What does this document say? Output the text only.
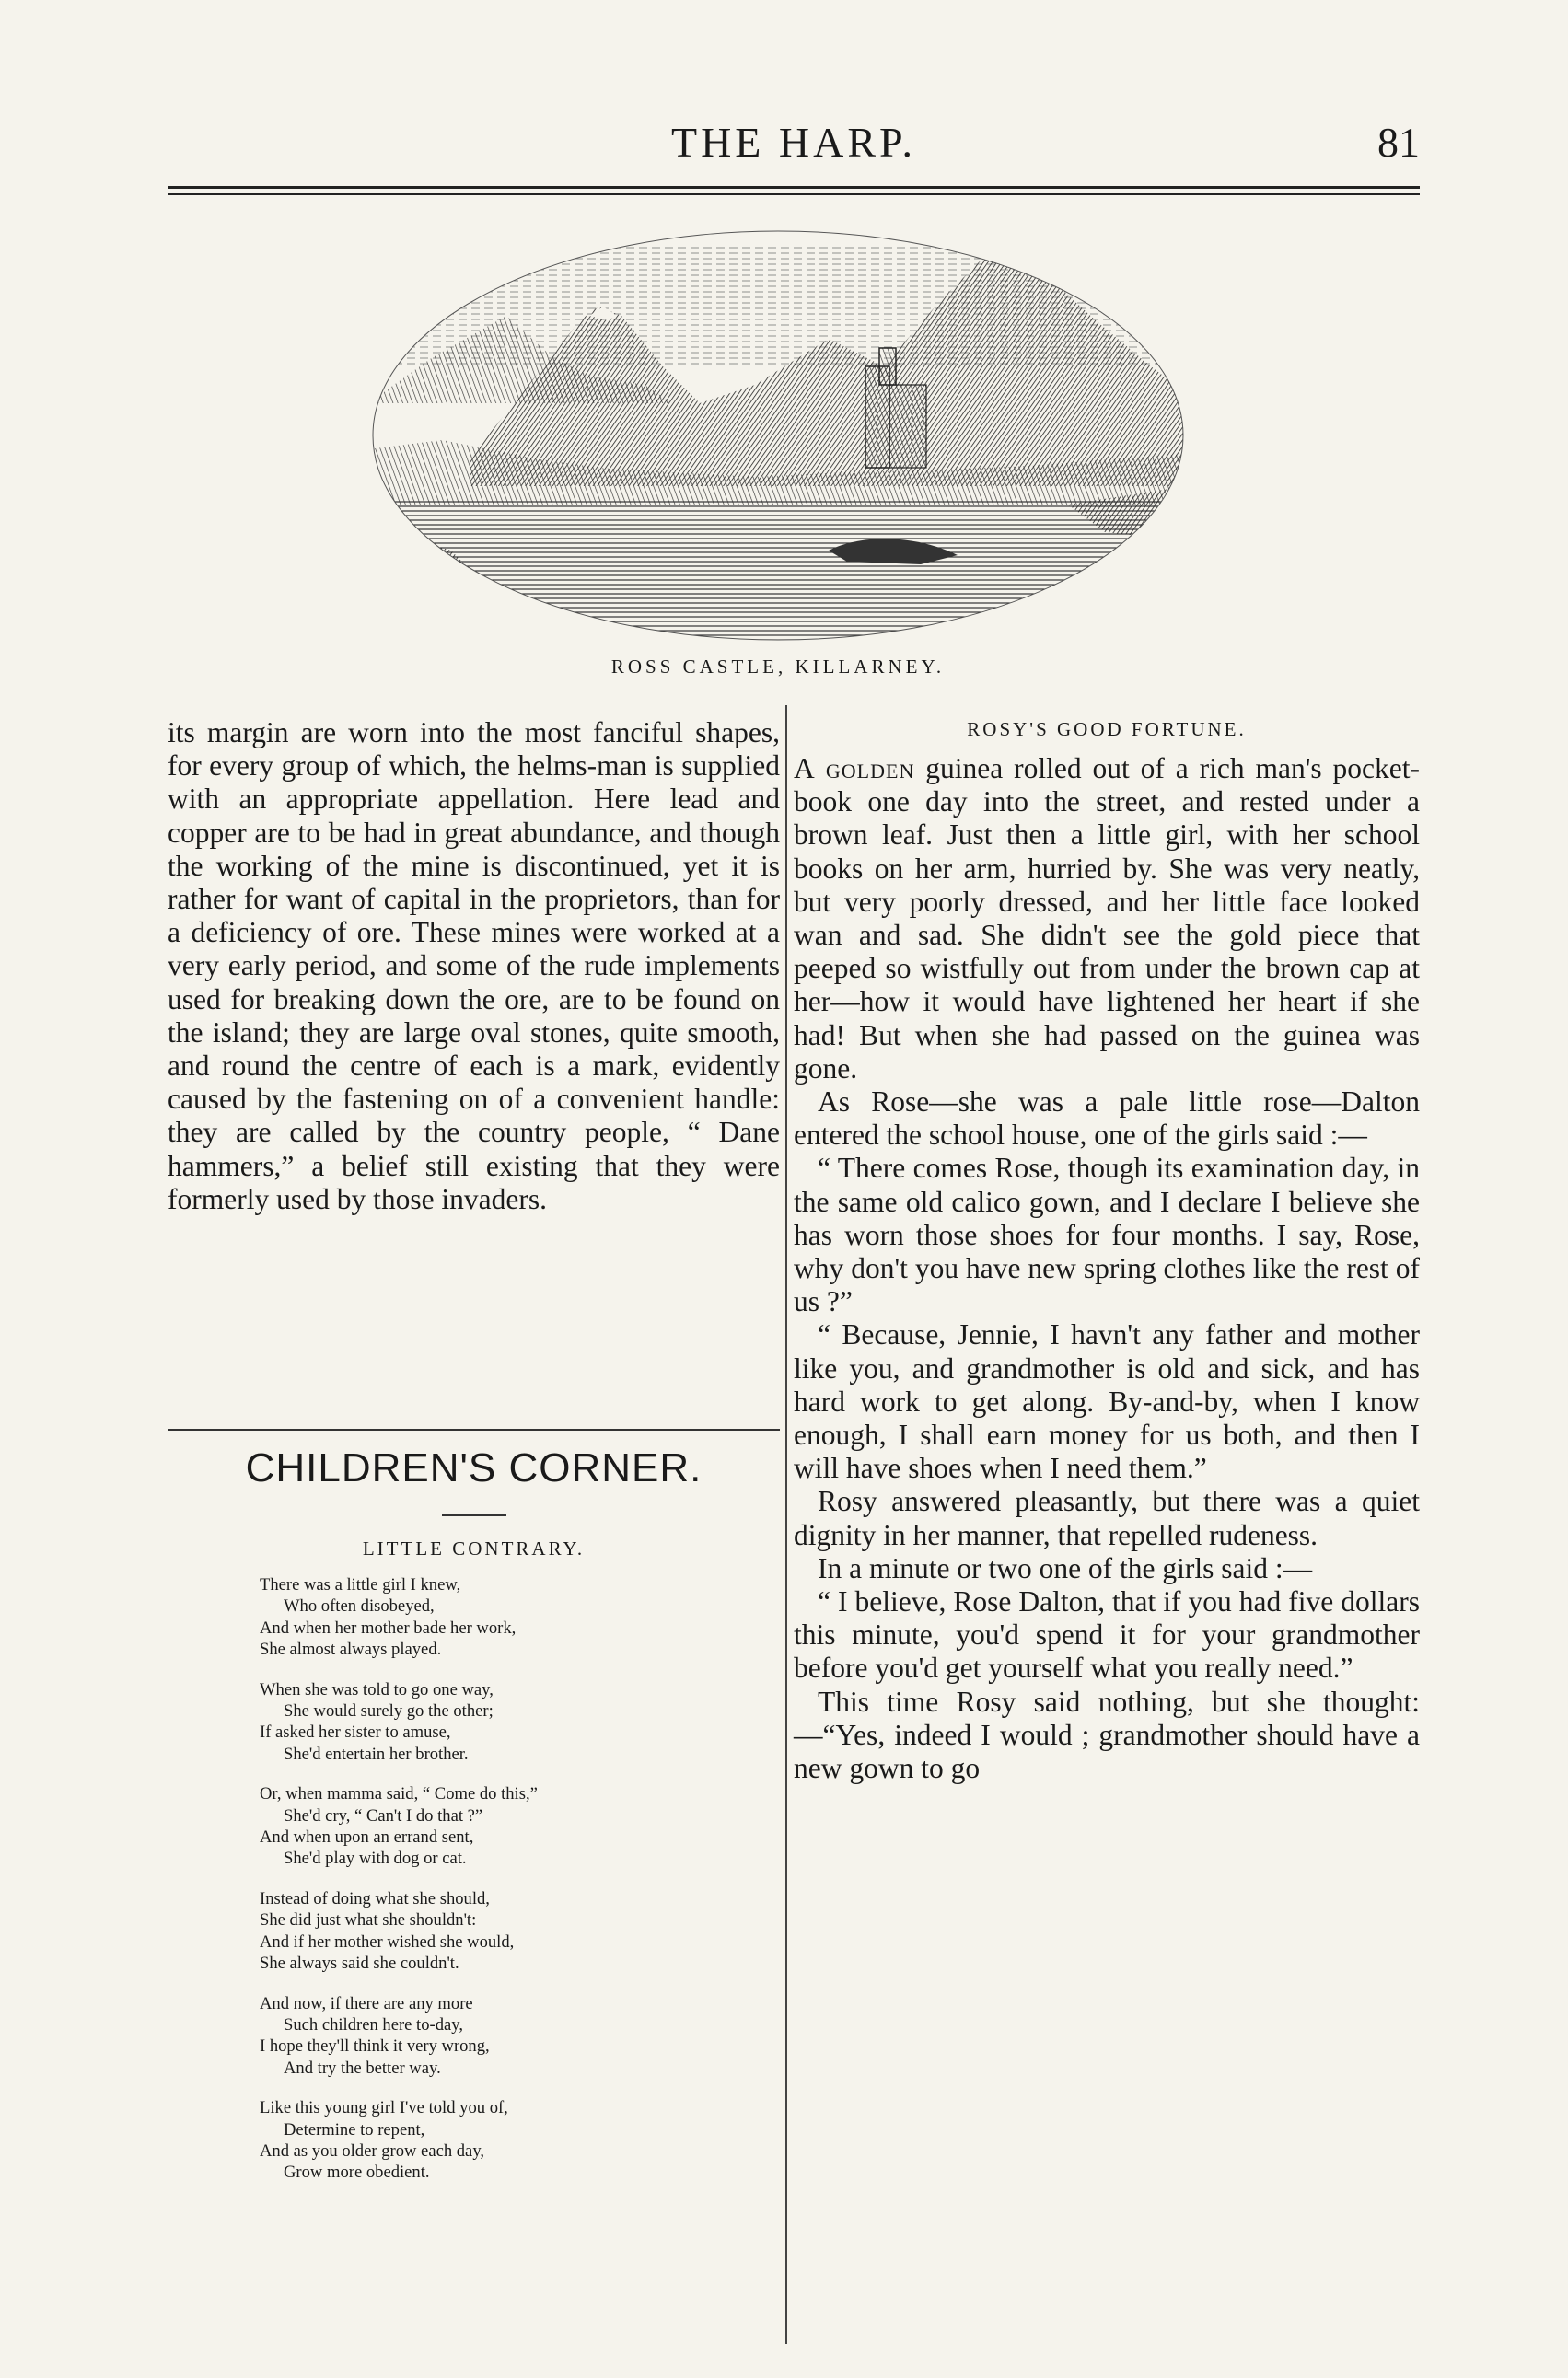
THE HARP.	81
ROSS CASTLE, KILLARNEY.

its margin are worn into the most fanciful shapes, for every group of which, the helms-man is supplied with an appropriate appellation. Here lead and copper are to be had in great abundance, and though the working of the mine is discontinued, yet it is rather for want of capital in the proprietors, than for a deficiency of ore. These mines were worked at a very early period, and some of the rude implements used for breaking down the ore, are to be found on the island; they are large oval stones, quite smooth, and round the centre of each is a mark, evidently caused by the fastening on of a convenient handle: they are called by the country people, “ Dane hammers,” a belief still existing that they were formerly used by those invaders.

CHILDREN'S CORNER.
LITTLE CONTRARY.
There was a little girl I knew,
Who often disobeyed,
And when her mother bade her work,
She almost always played.
When she was told to go one way,
She would surely go the other;
If asked her sister to amuse,
She'd entertain her brother.
Or, when mamma said, “ Come do this,”
She'd cry, “ Can't I do that ?”
And when upon an errand sent,
She'd play with dog or cat.
Instead of doing what she should,
She did just what she shouldn't:
And if her mother wished she would,
She always said she couldn't.
And now, if there are any more
Such children here to-day,
I hope they'll think it very wrong,
And try the better way.
Like this young girl I've told you of,
Determine to repent,
And as you older grow each day,
Grow more obedient.
ROSY'S GOOD FORTUNE.

A golden guinea rolled out of a rich man's pocket-book one day into the street, and rested under a brown leaf. Just then a little girl, with her school books on her arm, hurried by. She was very neatly, but very poorly dressed, and her little face looked wan and sad. She didn't see the gold piece that peeped so wistfully out from under the brown cap at her—how it would have lightened her heart if she had! But when she had passed on the guinea was gone.

As Rose—she was a pale little rose—Dalton entered the school house, one of the girls said :—

“ There comes Rose, though its examination day, in the same old calico gown, and I declare I believe she has worn those shoes for four months. I say, Rose, why don't you have new spring clothes like the rest of us ?”

“ Because, Jennie, I havn't any father and mother like you, and grandmother is old and sick, and has hard work to get along. By-and-by, when I know enough, I shall earn money for us both, and then I will have shoes when I need them.”

Rosy answered pleasantly, but there was a quiet dignity in her manner, that repelled rudeness.

In a minute or two one of the girls said :—

“ I believe, Rose Dalton, that if you had five dollars this minute, you'd spend it for your grandmother before you'd get yourself what you really need.”

This time Rosy said nothing, but she thought:—“Yes, indeed I would ; grandmother should have a new gown to go
